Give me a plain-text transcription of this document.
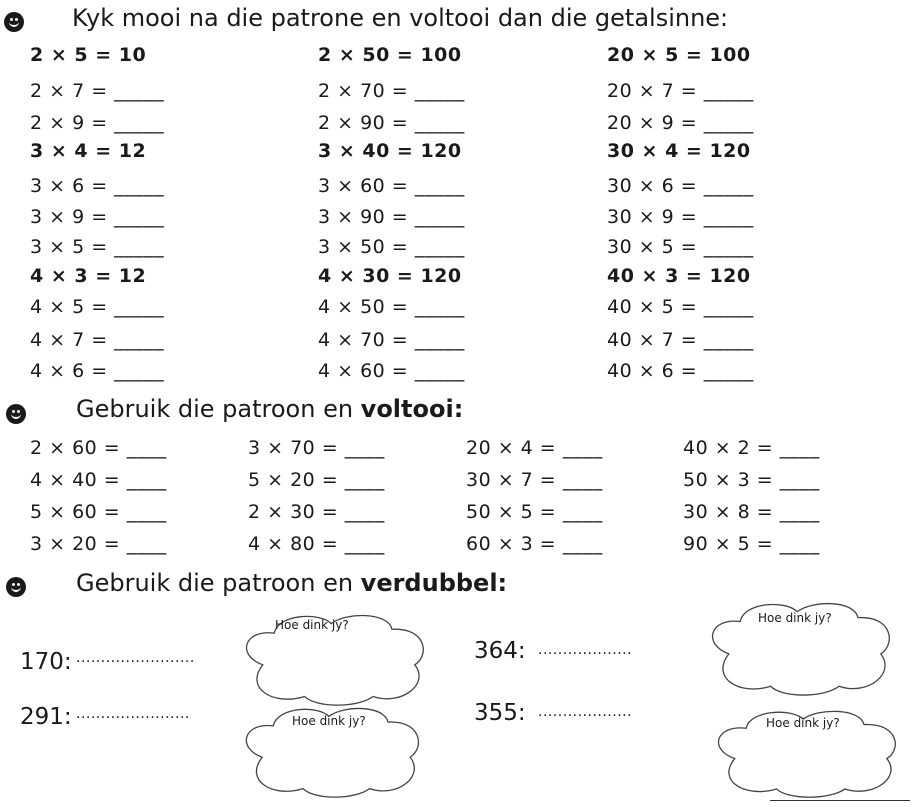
Kyk mooi na die patrone en voltooi dan die getalsinne:
2 × 5 = 10
2 × 7 = _____
2 × 9 = _____
3 × 4 = 12
3 × 6 = _____
3 × 9 = _____
3 × 5 = _____
4 × 3 = 12
4 × 5 = _____
4 × 7 = _____
4 × 6 = _____
2 × 50 = 100
2 × 70 = _____
2 × 90 = _____
3 × 40 = 120
3 × 60 = _____
3 × 90 = _____
3 × 50 = _____
4 × 30 = 120
4 × 50 = _____
4 × 70 = _____
4 × 60 = _____
20 × 5 = 100
20 × 7 = _____
20 × 9 = _____
30 × 4 = 120
30 × 6 = _____
30 × 9 = _____
30 × 5 = _____
40 × 3 = 120
40 × 5 = _____
40 × 7 = _____
40 × 6 = _____
Gebruik die patroon en voltooi:
2 × 60 = ____
4 × 40 = ____
5 × 60 = ____
3 × 20 = ____
3 × 70 = ____
5 × 20 = ____
2 × 30 = ____
4 × 80 = ____
20 × 4 = ____
30 × 7 = ____
50 × 5 = ____
60 × 3 = ____
40 × 2 = ____
50 × 3 = ____
30 × 8 = ____
90 × 5 = ____
Gebruik die patroon en verdubbel:
170: ........................
291: .......................
364: ...................
355: ...................
Hoe dink jy?
Hoe dink jy?
Hoe dink jy?
Hoe dink jy?
